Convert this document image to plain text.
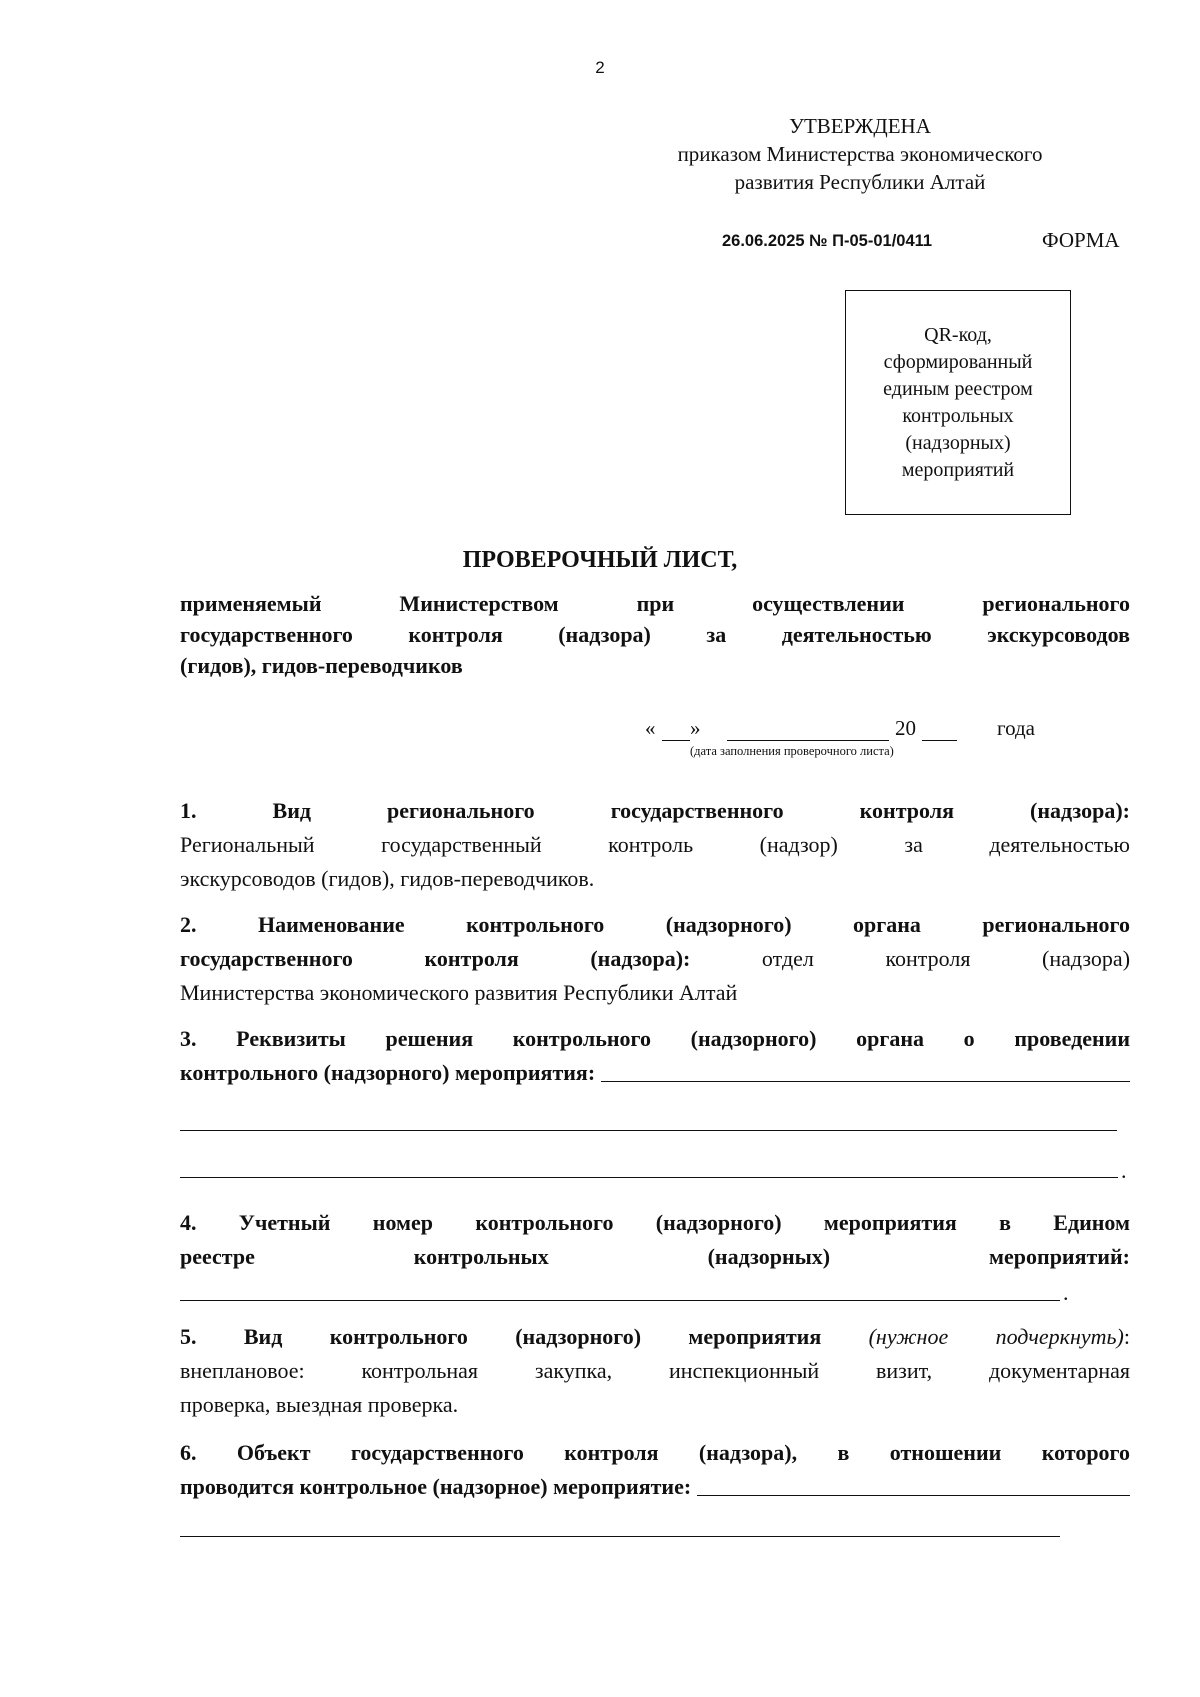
2
УТВЕРЖДЕНА
приказом Министерства экономического
развития Республики Алтай
26.06.2025 № П-05-01/0411	ФОРМА
QR-код,
сформированный
единым реестром
контрольных
(надзорных)
мероприятий
ПРОВЕРОЧНЫЙ ЛИСТ,
применяемый Министерством при осуществлении регионального
государственного контроля (надзора) за деятельностью экскурсоводов
(гидов), гидов-переводчиков
« »	20	года
(дата заполнения проверочного листа)
1. Вид регионального государственного контроля (надзора):
Региональный государственный контроль (надзор) за деятельностью
экскурсоводов (гидов), гидов-переводчиков.
2. Наименование контрольного (надзорного) органа регионального
государственного контроля (надзора):	отдел контроля (надзора)
Министерства экономического развития Республики Алтай
3. Реквизиты решения контрольного (надзорного) органа о проведении
контрольного (надзорного) мероприятия:
.
4. Учетный номер контрольного (надзорного) мероприятия в Едином
реестре контрольных (надзорных) мероприятий:
.
5. Вид контрольного (надзорного) мероприятия (нужное подчеркнуть):
внеплановое: контрольная закупка, инспекционный визит, документарная
проверка, выездная проверка.
6. Объект государственного контроля (надзора), в отношении которого
проводится контрольное (надзорное) мероприятие:
